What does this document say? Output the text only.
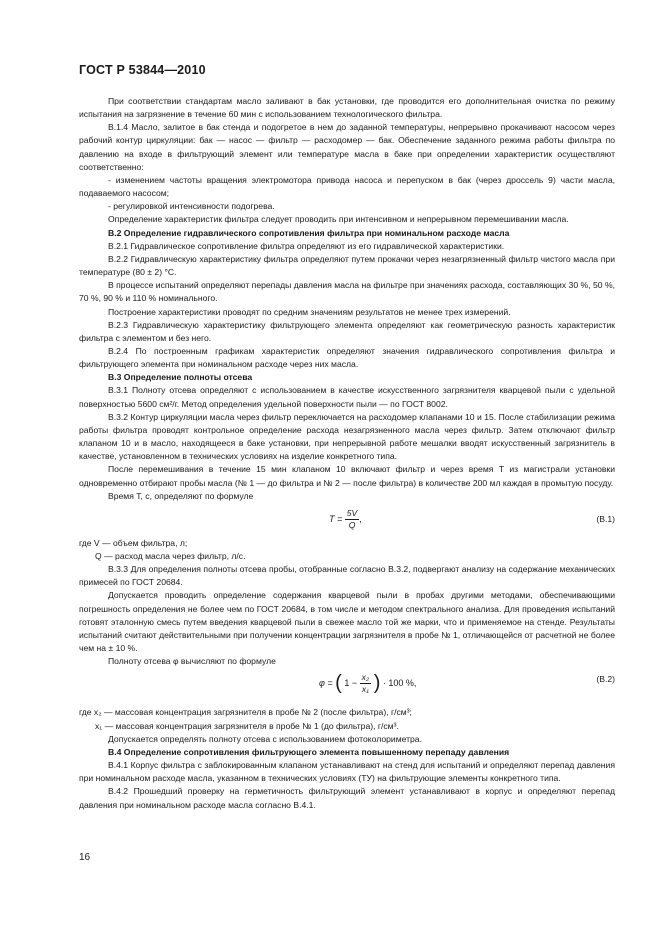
ГОСТ Р 53844—2010

При соответствии стандартам масло заливают в бак установки, где проводится его дополнительная очистка по режиму испытания на загрязнение в течение 60 мин с использованием технологического фильтра.

В.1.4 Масло, залитое в бак стенда и подогретое в нем до заданной температуры, непрерывно прокачивают насосом через рабочий контур циркуляции: бак — насос — фильтр — расходомер — бак. Обеспечение заданного режима работы фильтра по давлению на входе в фильтрующий элемент или температуре масла в баке при определении характеристик осуществляют соответственно:

- изменением частоты вращения электромотора привода насоса и перепуском в бак (через дроссель 9) части масла, подаваемого насосом;

- регулировкой интенсивности подогрева.

Определение характеристик фильтра следует проводить при интенсивном и непрерывном перемешивании масла.

В.2 Определение гидравлического сопротивления фильтра при номинальном расходе масла

В.2.1 Гидравлическое сопротивление фильтра определяют из его гидравлической характеристики.

В.2.2 Гидравлическую характеристику фильтра определяют путем прокачки через незагрязненный фильтр чистого масла при температуре (80 ± 2) °С.

В процессе испытаний определяют перепады давления масла на фильтре при значениях расхода, составляющих 30 %, 50 %, 70 %, 90 % и 110 % номинального.

Построение характеристики проводят по средним значениям результатов не менее трех измерений.

В.2.3 Гидравлическую характеристику фильтрующего элемента определяют как геометрическую разность характеристик фильтра с элементом и без него.

В.2.4 По построенным графикам характеристик определяют значения гидравлического сопротивления фильтра и фильтрующего элемента при номинальном расходе через них масла.

В.3 Определение полноты отсева

В.3.1 Полноту отсева определяют с использованием в качестве искусственного загрязнителя кварцевой пыли с удельной поверхностью 5600 см²/г. Метод определения удельной поверхности пыли — по ГОСТ 8002.

В.3.2 Контур циркуляции масла через фильтр переключается на расходомер клапанами 10 и 15. После стабилизации режима работы фильтра проводят контрольное определение расхода незагрязненного масла через фильтр. Затем отключают фильтр клапаном 10 и в масло, находящееся в баке установки, при непрерывной работе мешалки вводят искусственный загрязнитель в качестве, установленном в технических условиях на изделие конкретного типа.

После перемешивания в течение 15 мин клапаном 10 включают фильтр и через время T из магистрали установки одновременно отбирают пробы масла (№ 1 — до фильтра и № 2 — после фильтра) в количестве 200 мл каждая в промытую посуду.

Время T, с, определяют по формуле

$T = \frac{5V}{Q}$ ,	(В.1)

где V — объем фильтра, л;

Q — расход масла через фильтр, л/с.

В.3.3 Для определения полноты отсева пробы, отобранные согласно В.3.2, подвергают анализу на содержание механических примесей по ГОСТ 20684.

Допускается проводить определение содержания кварцевой пыли в пробах другими методами, обеспечивающими погрешность определения не более чем по ГОСТ 20684, в том числе и методом спектрального анализа. Для проведения испытаний готовят эталонную смесь путем введения кварцевой пыли в свежее масло той же марки, что и применяемое на стенде. Результаты испытаний считают действительными при получении концентрации загрязнителя в пробе № 1, отличающейся от расчетной не более чем на ± 10 %.

Полноту отсева φ вычисляют по формуле

φ = ( $1 - \frac{\text{x₂}}{\text{x₁}}$ ) · 100 %,	(В.2)

где x₂ — массовая концентрация загрязнителя в пробе № 2 (после фильтра), г/см³;

x₁ — массовая концентрация загрязнителя в пробе № 1 (до фильтра), г/см³.

Допускается определять полноту отсева с использованием фотоколориметра.

В.4 Определение сопротивления фильтрующего элемента повышенному перепаду давления

В.4.1 Корпус фильтра с заблокированным клапаном устанавливают на стенд для испытаний и определяют перепад давления при номинальном расходе масла, указанном в технических условиях (ТУ) на фильтрующие элементы конкретного типа.

В.4.2 Прошедший проверку на герметичность фильтрующий элемент устанавливают в корпус и определяют перепад давления при номинальном расходе масла согласно В.4.1.

16
